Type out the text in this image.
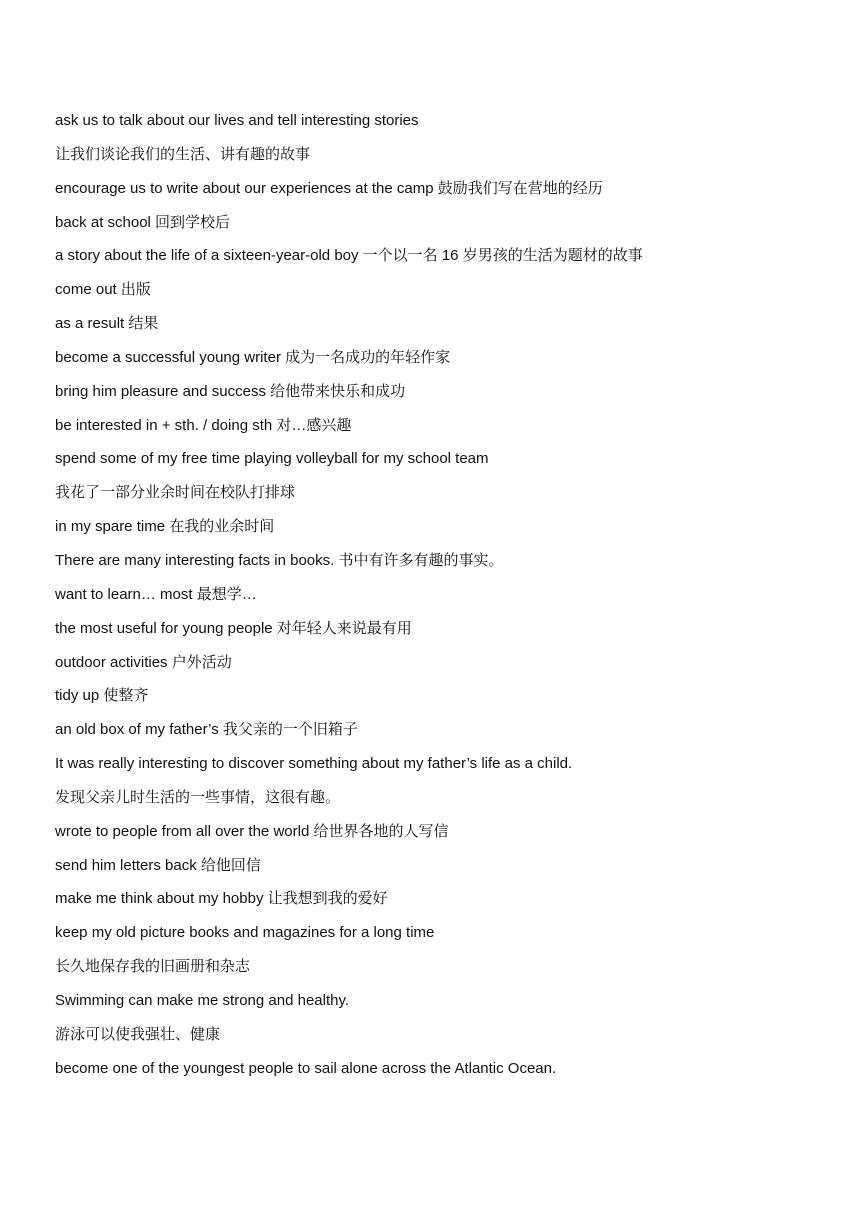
ask us to talk about our lives and tell interesting stories
让我们谈论我们的生活、讲有趣的故事
encourage us to write about our experiences at the camp 鼓励我们写在营地的经历
back at school 回到学校后
a story about the life of a sixteen-year-old boy 一个以一名 16 岁男孩的生活为题材的故事
come out 出版
as a result 结果
become a successful young writer 成为一名成功的年轻作家
bring him pleasure and success 给他带来快乐和成功
be interested in + sth. / doing sth 对…感兴趣
spend some of my free time playing volleyball for my school team
我花了一部分业余时间在校队打排球
in my spare time 在我的业余时间
There are many interesting facts in books. 书中有许多有趣的事实。
want to learn… most 最想学…
the most useful for young people 对年轻人来说最有用
outdoor activities 户外活动
tidy up 使整齐
an old box of my father’s 我父亲的一个旧箱子
It was really interesting to discover something about my father’s life as a child.
发现父亲儿时生活的一些事情，这很有趣。
wrote to people from all over the world 给世界各地的人写信
send him letters back 给他回信
make me think about my hobby 让我想到我的爱好
keep my old picture books and magazines for a long time
长久地保存我的旧画册和杂志
Swimming can make me strong and healthy.
游泳可以使我强壮、健康
become one of the youngest people to sail alone across the Atlantic Ocean.
